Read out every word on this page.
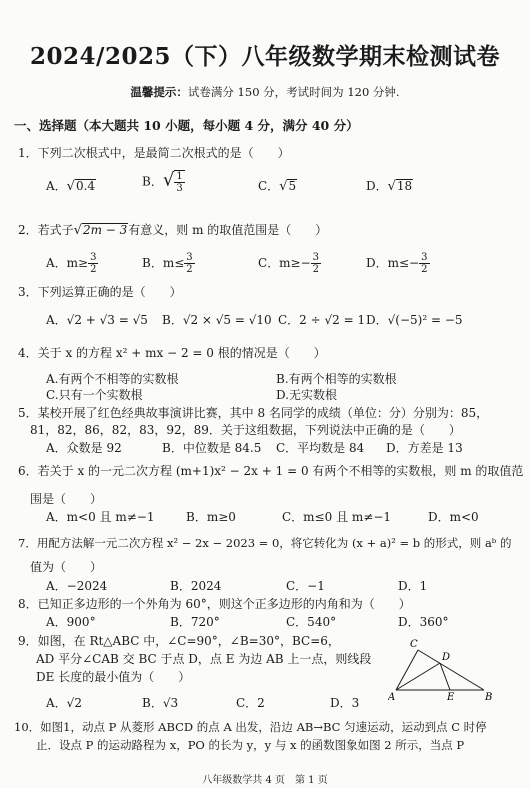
2024/2025（下）八年级数学期末检测试卷
温馨提示：试卷满分 150 分，考试时间为 120 分钟.
一、选择题（本大题共 10 小题，每小题 4 分，满分 40 分）
1．下列二次根式中，是最简二次根式的是（　　）
A．√0.4	B．√ $\frac{1}{3}$	C．√5	D．√18
2．若式子√2m − 3有意义，则 m 的取值范围是（　　）
A．$m\ge \frac{3}{2}$	B．$m\le \frac{3}{2}$	C．$m\ge- \frac{3}{2}$	D．$m\le- \frac{3}{2}$
3．下列运算正确的是（　　）
A．√2 + √3 = √5 B．√2 × √5 = √10 C．2 ÷ √2 = 1 D．√(−5)² = −5
4．关于 x 的方程 x² + mx − 2 = 0 根的情况是（　　）
A.有两个不相等的实数根	B.有两个相等的实数根
C.只有一个实数根	D.无实数根
5．某校开展了红色经典故事演讲比赛，其中 8 名同学的成绩（单位：分）分别为：85，
81，82，86，82，83，92，89．关于这组数据，下列说法中正确的是（　　）
A．众数是 92	B．中位数是 84.5 C．平均数是 84 D．方差是 13
6．若关于 x 的一元二次方程 (m+1)x² − 2x + 1 = 0 有两个不相等的实数根，则 m 的取值范
围是（　　）
A．m<0 且 m≠−1	B．m≥0	C．m≤0 且 m≠−1	D．m<0
7．用配方法解一元二次方程 x² − 2x − 2023 = 0，将它转化为 (x + a)² = b 的形式，则 aᵇ 的
值为（　　）
A．−2024	B．2024	C．−1	D．1
8．已知正多边形的一个外角为 60°，则这个正多边形的内角和为（　　）
A．900°	B．720°	C．540°	D．360°
9．如图，在 Rt△ABC 中，∠C=90°，∠B=30°，BC=6，
AD 平分∠CAB 交 BC 于点 D，点 E 为边 AB 上一点，则线段
DE 长度的最小值为（　　）
A．√2	B．√3	C．2	D．3
C
D
A	E	B
10．如图1，动点 P 从菱形 ABCD 的点 A 出发，沿边 AB→BC 匀速运动，运动到点 C 时停
止．设点 P 的运动路程为 x，PO 的长为 y，y 与 x 的函数图象如图 2 所示，当点 P
八年级数学共 4 页　第 1 页
